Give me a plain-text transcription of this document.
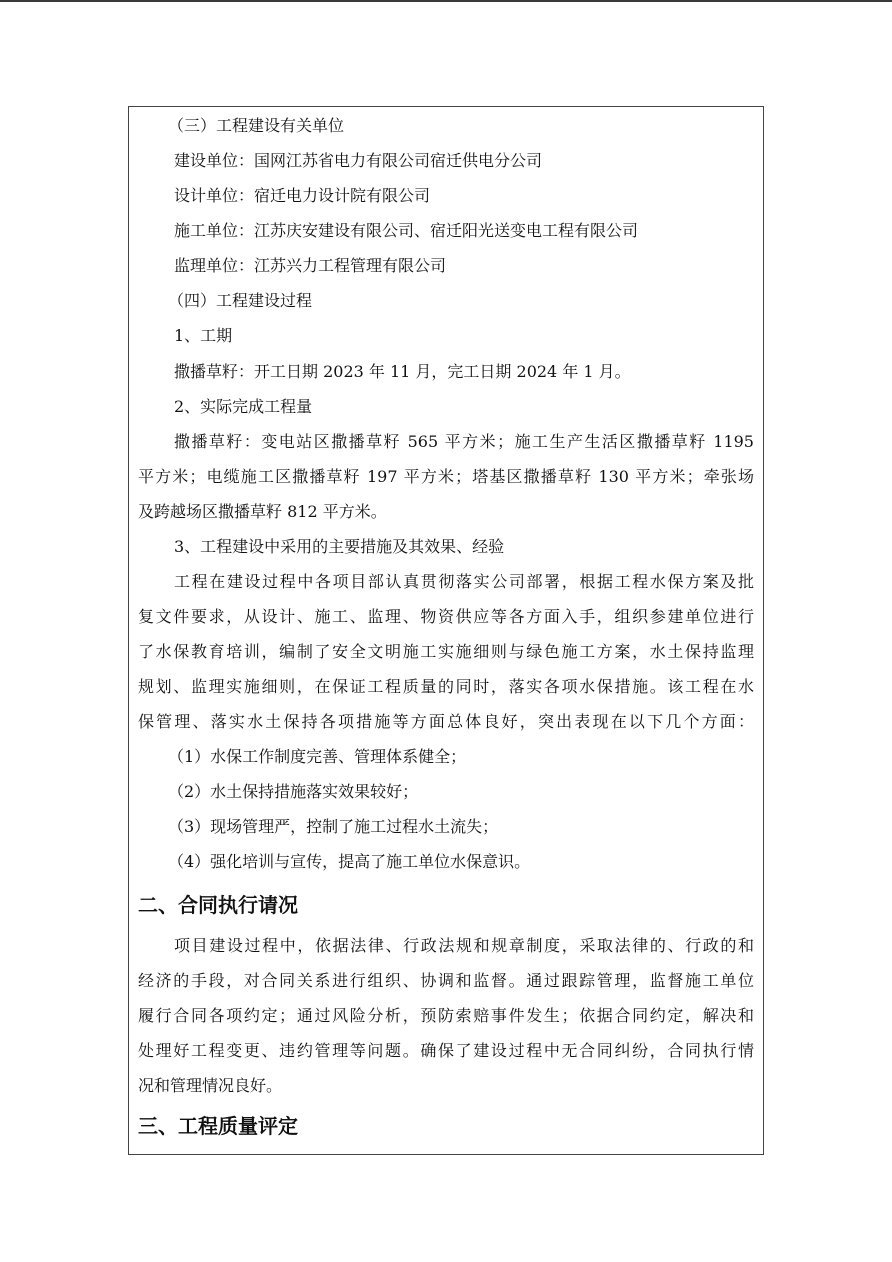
（三）工程建设有关单位
建设单位：国网江苏省电力有限公司宿迁供电分公司
设计单位：宿迁电力设计院有限公司
施工单位：江苏庆安建设有限公司、宿迁阳光送变电工程有限公司
监理单位：江苏兴力工程管理有限公司
（四）工程建设过程
1、工期
撒播草籽：开工日期 2023 年 11 月，完工日期 2024 年 1 月。
2、实际完成工程量
撒播草籽：变电站区撒播草籽 565 平方米；施工生产生活区撒播草籽 1195
平方米；电缆施工区撒播草籽 197 平方米；塔基区撒播草籽 130 平方米；牵张场
及跨越场区撒播草籽 812 平方米。
3、工程建设中采用的主要措施及其效果、经验
工程在建设过程中各项目部认真贯彻落实公司部署，根据工程水保方案及批
复文件要求，从设计、施工、监理、物资供应等各方面入手，组织参建单位进行
了水保教育培训，编制了安全文明施工实施细则与绿色施工方案，水土保持监理
规划、监理实施细则，在保证工程质量的同时，落实各项水保措施。该工程在水
保管理、落实水土保持各项措施等方面总体良好，突出表现在以下几个方面：
（1）水保工作制度完善、管理体系健全；
（2）水土保持措施落实效果较好；
（3）现场管理严，控制了施工过程水土流失；
（4）强化培训与宣传，提高了施工单位水保意识。
二、合同执行请况
项目建设过程中，依据法律、行政法规和规章制度，采取法律的、行政的和
经济的手段，对合同关系进行组织、协调和监督。通过跟踪管理，监督施工单位
履行合同各项约定；通过风险分析，预防索赔事件发生；依据合同约定，解决和
处理好工程变更、违约管理等问题。确保了建设过程中无合同纠纷，合同执行情
况和管理情况良好。
三、工程质量评定
